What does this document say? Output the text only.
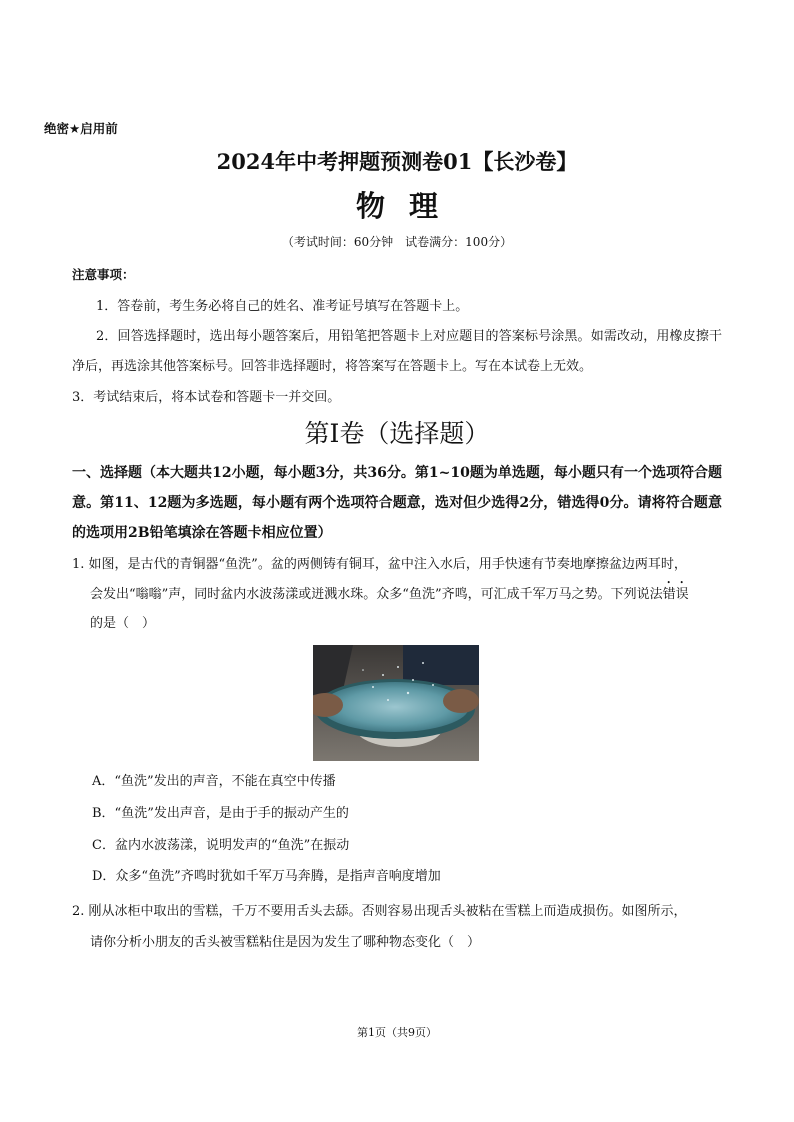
绝密★启用前
2024年中考押题预测卷01【长沙卷】
物理
（考试时间：60分钟　试卷满分：100分）
注意事项：
1．答卷前，考生务必将自己的姓名、准考证号填写在答题卡上。
2．回答选择题时，选出每小题答案后，用铅笔把答题卡上对应题目的答案标号涂黑。如需改动，用橡皮擦干净后，再选涂其他答案标号。回答非选择题时，将答案写在答题卡上。写在本试卷上无效。
3．考试结束后，将本试卷和答题卡一并交回。
第Ⅰ卷（选择题）
一、选择题（本大题共12小题，每小题3分，共36分。第1~10题为单选题，每小题只有一个选项符合题意。第11、12题为多选题，每小题有两个选项符合题意，选对但少选得2分，错选得0分。请将符合题意的选项用2B铅笔填涂在答题卡相应位置）
1. 如图，是古代的青铜器“鱼洗”。盆的两侧铸有铜耳，盆中注入水后，用手快速有节奏地摩擦盆边两耳时，
会发出“嗡嗡”声，同时盆内水波荡漾或迸溅水珠。众多“鱼洗”齐鸣，可汇成千军万马之势。下列说法错误
的是（　）
A．“鱼洗”发出的声音，不能在真空中传播
B．“鱼洗”发出声音，是由于手的振动产生的
C．盆内水波荡漾，说明发声的“鱼洗”在振动
D．众多“鱼洗”齐鸣时犹如千军万马奔腾，是指声音响度增加
2. 刚从冰柜中取出的雪糕，千万不要用舌头去舔。否则容易出现舌头被粘在雪糕上而造成损伤。如图所示，
请你分析小朋友的舌头被雪糕粘住是因为发生了哪种物态变化（　）
第1页（共9页）
